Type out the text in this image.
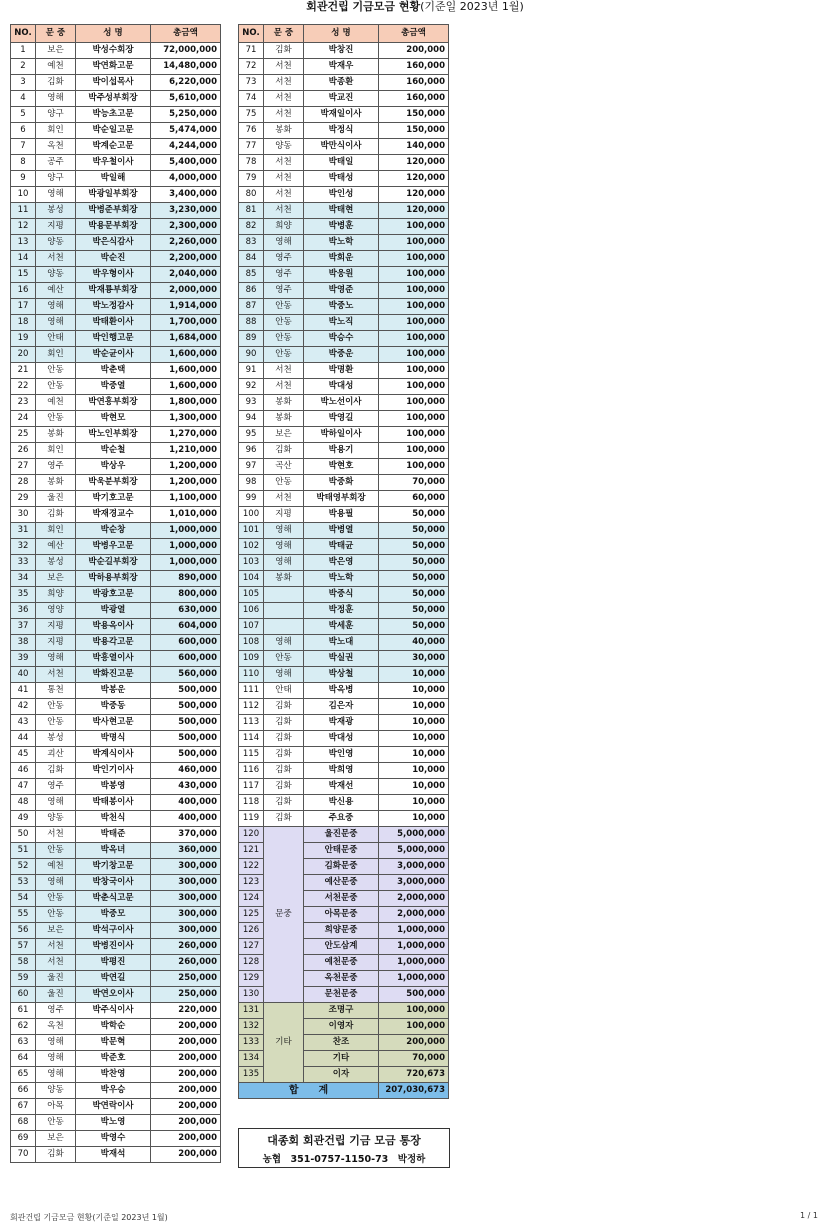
회관건립 기금모금 현황(기준일 2023년 1월)
NO.	문 중	성 명	총금액
1	보은	박성수회장	72,000,000
2	예천	박연화고문	14,480,000
3	김화	박이섭목사	6,220,000
4	영해	박주성부회장	5,610,000
5	양구	박능초고문	5,250,000
6	회인	박순일고문	5,474,000
7	옥천	박계순고문	4,244,000
8	공주	박우철이사	5,400,000
9	양구	박일해	4,000,000
10	영해	박광일부회장	3,400,000
11	봉성	박병준부회장	3,230,000
12	지평	박용문부회장	2,300,000
13	양동	박은식감사	2,260,000
14	서천	박순진	2,200,000
15	양동	박우형이사	2,040,000
16	예산	박재룡부회장	2,000,000
17	영해	박노정감사	1,914,000
18	영해	박태환이사	1,700,000
19	안태	박인행고문	1,684,000
20	회인	박순균이사	1,600,000
21	안동	박춘택	1,600,000
22	안동	박중열	1,600,000
23	예천	박연흥부회장	1,800,000
24	안동	박현모	1,300,000
25	봉화	박노인부회장	1,270,000
26	회인	박순철	1,210,000
27	영주	박상우	1,200,000
28	봉화	박욱분부회장	1,200,000
29	울진	박기호고문	1,100,000
30	김화	박재경교수	1,010,000
31	회인	박순창	1,000,000
32	예산	박병우고문	1,000,000
33	봉성	박순길부회장	1,000,000
34	보은	박하용부회장	890,000
35	희양	박광호고문	800,000
36	영양	박광열	630,000
37	지평	박용옥이사	604,000
38	지평	박용각고문	600,000
39	영해	박흥열이사	600,000
40	서천	박화진고문	560,000
41	통천	박봉운	500,000
42	안동	박중동	500,000
43	안동	박사현고문	500,000
44	봉성	박명식	500,000
45	괴산	박계식이사	500,000
46	김화	박인기이사	460,000
47	영주	박봉영	430,000
48	영해	박태봉이사	400,000
49	양동	박천식	400,000
50	서천	박태준	370,000
51	안동	박옥녀	360,000
52	예천	박기창고문	300,000
53	영해	박창국이사	300,000
54	안동	박춘식고문	300,000
55	안동	박중모	300,000
56	보은	박석구이사	300,000
57	서천	박병진이사	260,000
58	서천	박평진	260,000
59	울진	박연길	250,000
60	울진	박연오이사	250,000
61	영주	박주식이사	220,000
62	옥천	박학순	200,000
63	영해	박문혁	200,000
64	영해	박준호	200,000
65	영해	박찬영	200,000
66	양동	박우승	200,000
67	아목	박연락이사	200,000
68	안동	박노영	200,000
69	보은	박영수	200,000
70	김화	박재석	200,000
NO.	문 중	성 명	총금액
71	김화	박창진	200,000
72	서천	박재우	160,000
73	서천	박종환	160,000
74	서천	박교진	160,000
75	서천	박재일이사	150,000
76	봉화	박정식	150,000
77	양동	박만식이사	140,000
78	서천	박태일	120,000
79	서천	박태성	120,000
80	서천	박인성	120,000
81	서천	박태현	120,000
82	희양	박병훈	100,000
83	영해	박노학	100,000
84	영주	박회운	100,000
85	영주	박웅원	100,000
86	영주	박영준	100,000
87	안동	박중노	100,000
88	안동	박노직	100,000
89	안동	박승수	100,000
90	안동	박중운	100,000
91	서천	박명환	100,000
92	서천	박대성	100,000
93	봉화	박노선이사	100,000
94	봉화	박영길	100,000
95	보은	박하일이사	100,000
96	김화	박용기	100,000
97	곡산	박현호	100,000
98	안동	박중화	70,000
99	서천	박태영부회장	60,000
100	지평	박용필	50,000
101	영해	박병열	50,000
102	영해	박태균	50,000
103	영해	박은영	50,000
104	봉화	박노학	50,000
105		박중식	50,000
106		박정훈	50,000
107		박세훈	50,000
108	영해	박노대	40,000
109	안동	박실권	30,000
110	영해	박상철	10,000
111	안태	박옥병	10,000
112	김화	김은자	10,000
113	김화	박재광	10,000
114	김화	박대성	10,000
115	김화	박인영	10,000
116	김화	박희영	10,000
117	김화	박재선	10,000
118	김화	박신용	10,000
119	김화	주요중	10,000
120	문중	울진문중	5,000,000
121		안태문중	5,000,000
122		김화문중	3,000,000
123		예산문중	3,000,000
124		서천문중	2,000,000
125		아목문중	2,000,000
126		희양문중	1,000,000
127		안도삼계	1,000,000
128		예천문중	1,000,000
129		옥천문중	1,000,000
130		문천문중	500,000
131	기타	조명구	100,000
132		이영자	100,000
133		찬조	200,000
134		기타	70,000
135		이자	720,673
합　　계			207,030,673
대종회 회관건립 기금 모금 통장
농협　351-0757-1150-73　박정하
회관건립 기금모금 현황(기준일 2023년 1월)	1 / 1
